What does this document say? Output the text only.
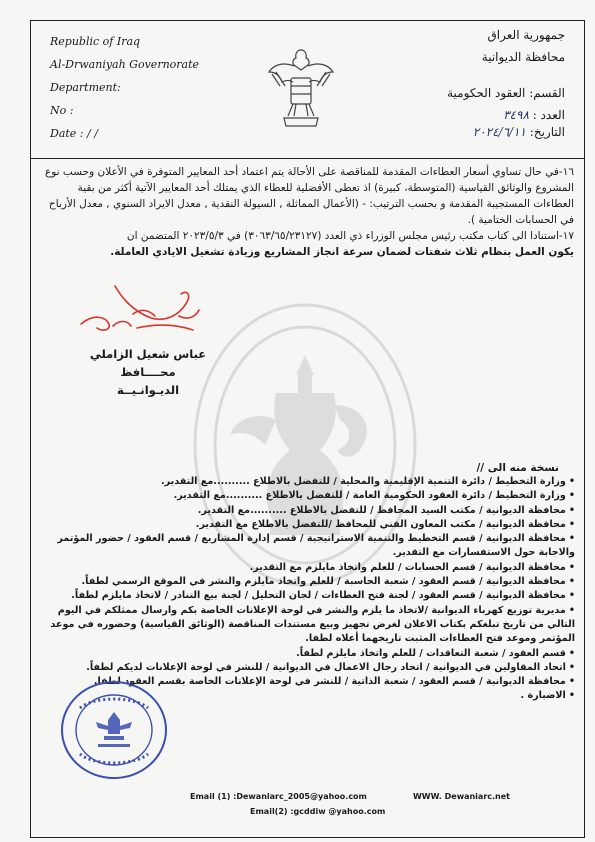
Republic of Iraq
Al-Drwaniyah Governorate
Department:
No :
Date : / /
جمهورية العراق
محافظة الديوانية
القسم: العقود الحكومية
العدد : ٣٤٩٨
التاريخ: ٢٠٢٤/٦/١١

١٦-في حال تساوي أسعار العطاءات المقدمة للمناقصة على الأحالة يتم اعتماد أحد المعايير المتوفرة في الأعلان وحسب نوع المشروع والوثائق القياسية (المتوسطة، كبيرة) اذ تعطى الأفضلية للعطاء الذي يمتلك أحد المعايير الآتية أكثر من بقية العطاءات المستجيبة المقدمة و بحسب الترتيب: - (الأعمال المماثلة , السيولة النقدية , معدل الايراد السنوي , معدل الأرباح في الحسابات الختامية ).

١٧-استنادا الى كتاب مكتب رئيس مجلس الوزراء ذي العدد (٣٠٦٣/٦٥/٢٣١٢٧) في ٢٠٢٣/٥/٣ المتضمن ان

يكون العمل بنظام ثلاث شفتات لضمان سرعة انجاز المشاريع وزيادة تشغيل الايادي العاملة.

عباس شعيل الزاملي
محــــافظ الديـوانـيــة
نسخة منه الى //
•وزارة التخطيط / دائرة التنمية الإقليمية والمحلية / للتفضل بالاطلاع ..........مع التقدير.
•وزارة التخطيط / دائرة العقود الحكومية العامة / للتفضل بالاطلاع ..........مع التقدير.
•محافظة الديوانية / مكتب السيد المحافظ / للتفضل بالاطلاع ..........مع التقدير.
•محافظة الديوانية / مكتب المعاون الفني للمحافظ /للتفضل بالاطلاع مع التقدير.
•محافظة الديوانية / قسم التخطيط والتنمية الاستراتيجية / قسم إدارة المشاريع / قسم العقود / حضور المؤتمر والاجابة حول الاستفسارات مع التقدير.
•محافظة الديوانية / قسم الحسابات / للعلم واتخاذ مايلزم مع التقدير.
•محافظة الديوانية / قسم العقود / شعبة الحاسبة / للعلم واتخاذ مايلزم والنشر في الموقع الرسمي لطفاً.
•محافظة الديوانية / قسم العقود / لجنة فتح العطاءات / لجان التحليل / لجنة بيع التنادر / لاتخاذ مايلزم لطفاً.
•مديرية توزيع كهرباء الديوانية /لاتخاذ ما يلزم والنشر في لوحة الإعلانات الخاصة بكم وارسال ممثلكم في اليوم التالي من تاريخ تبلغكم بكتاب الاعلان لغرض تجهيز وبيع مستندات المناقصة (الوثائق القياسية) وحضوره في موعد المؤتمر وموعد فتح العطاءات المثبت تاريخهما أعلاه لطفا.
•قسم العقود / شعبة التعاقدات / للعلم واتخاذ مايلزم لطفاً.
•اتحاد المقاولين في الديوانية / اتحاد رجال الاعمال في الديوانية / للنشر في لوحة الإعلانات لديكم لطفاً.
•محافظة الديوانية / قسم العقود / شعبة الذاتية / للنشر في لوحة الإعلانات الخاصة بقسم العقود لطفا.
•الاضبارة .
Email (1) :Dewaniarc_2005@yahoo.com	WWW. Dewaniarc.net
Email(2) :gcddiw @yahoo.com
